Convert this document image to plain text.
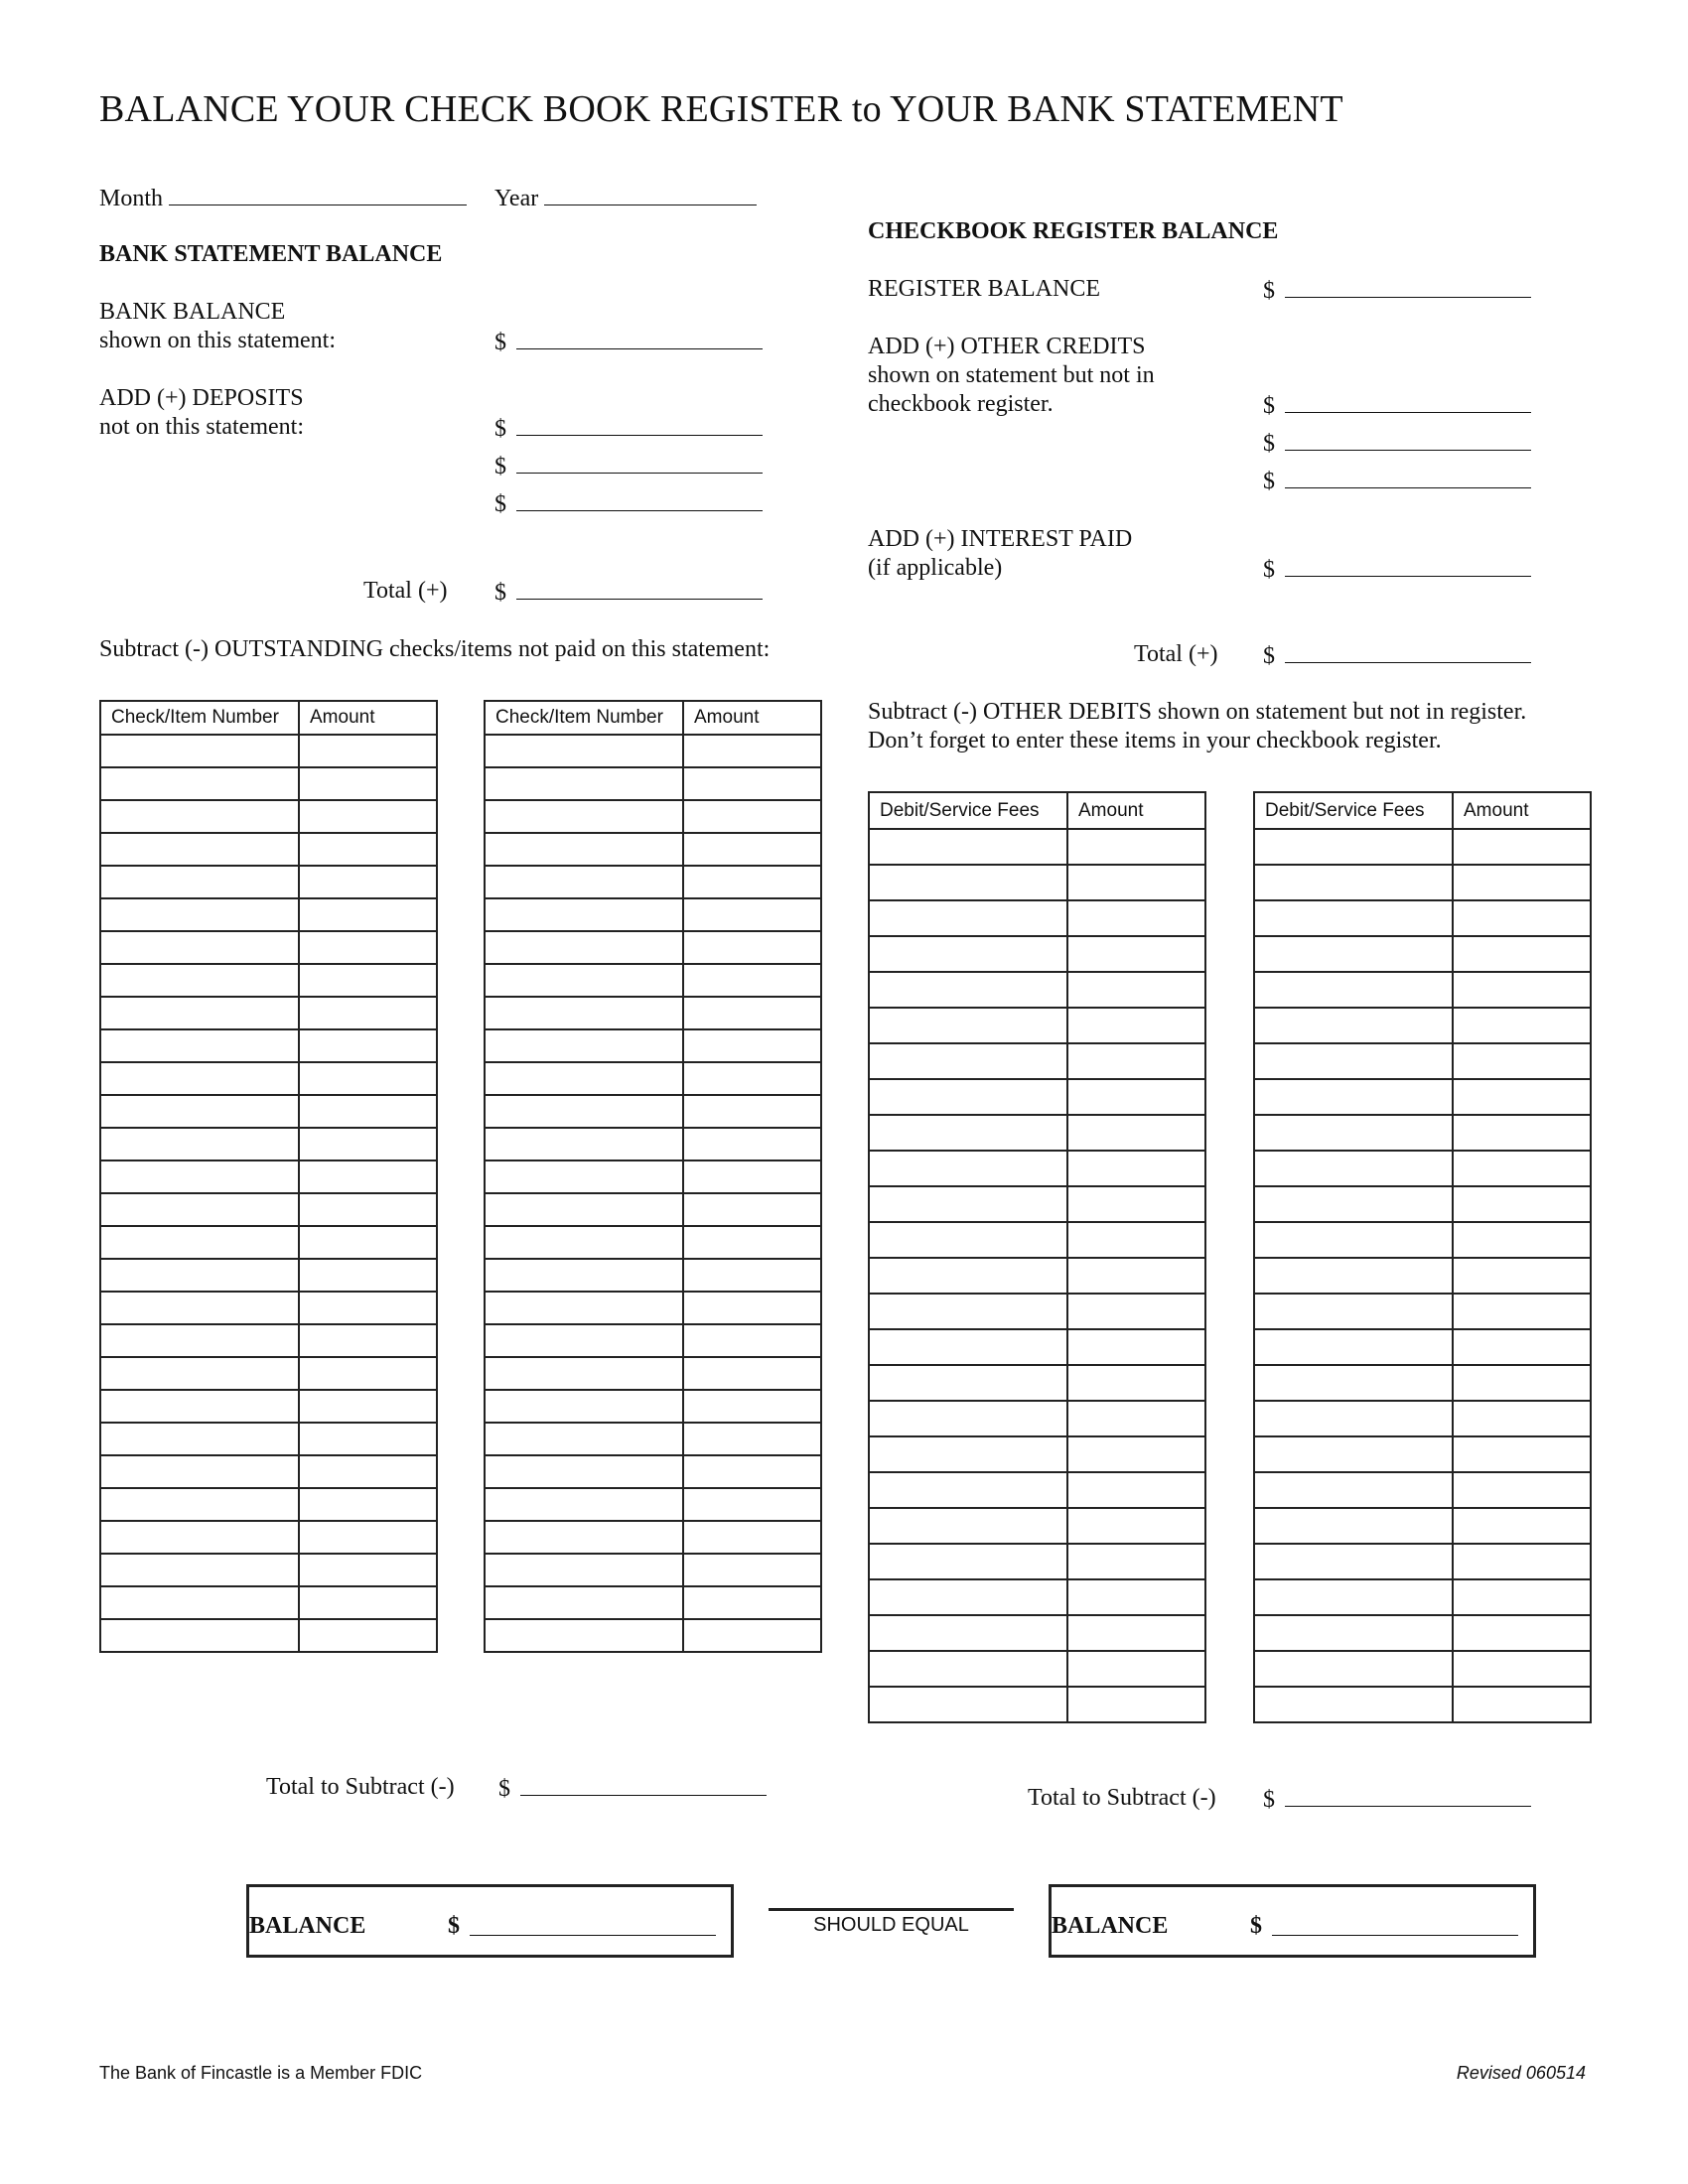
BALANCE YOUR CHECK BOOK REGISTER to YOUR BANK STATEMENT
Month	Year
BANK STATEMENT BALANCE
BANK BALANCE
shown on this statement:	$
ADD (+) DEPOSITS
not on this statement:	$
$
$
Total (+) $
Subtract (-) OUTSTANDING checks/items not paid on this statement:
Check/Item Number	Amount

		Check/Item Number	Amount

Total to Subtract (-) $
CHECKBOOK REGISTER BALANCE
REGISTER BALANCE	$
ADD (+) OTHER CREDITS
shown on statement but not in
checkbook register.	$
$
$
ADD (+) INTEREST PAID
(if applicable)	$
Total (+) $
Subtract (-) OTHER DEBITS shown on statement but not in register.
Don’t forget to enter these items in your checkbook register.
Debit/Service Fees	Amount

		Debit/Service Fees	Amount

Total to Subtract (-) $
BALANCE	$	SHOULD EQUAL	BALANCE	$
The Bank of Fincastle is a Member FDIC	Revised 060514
